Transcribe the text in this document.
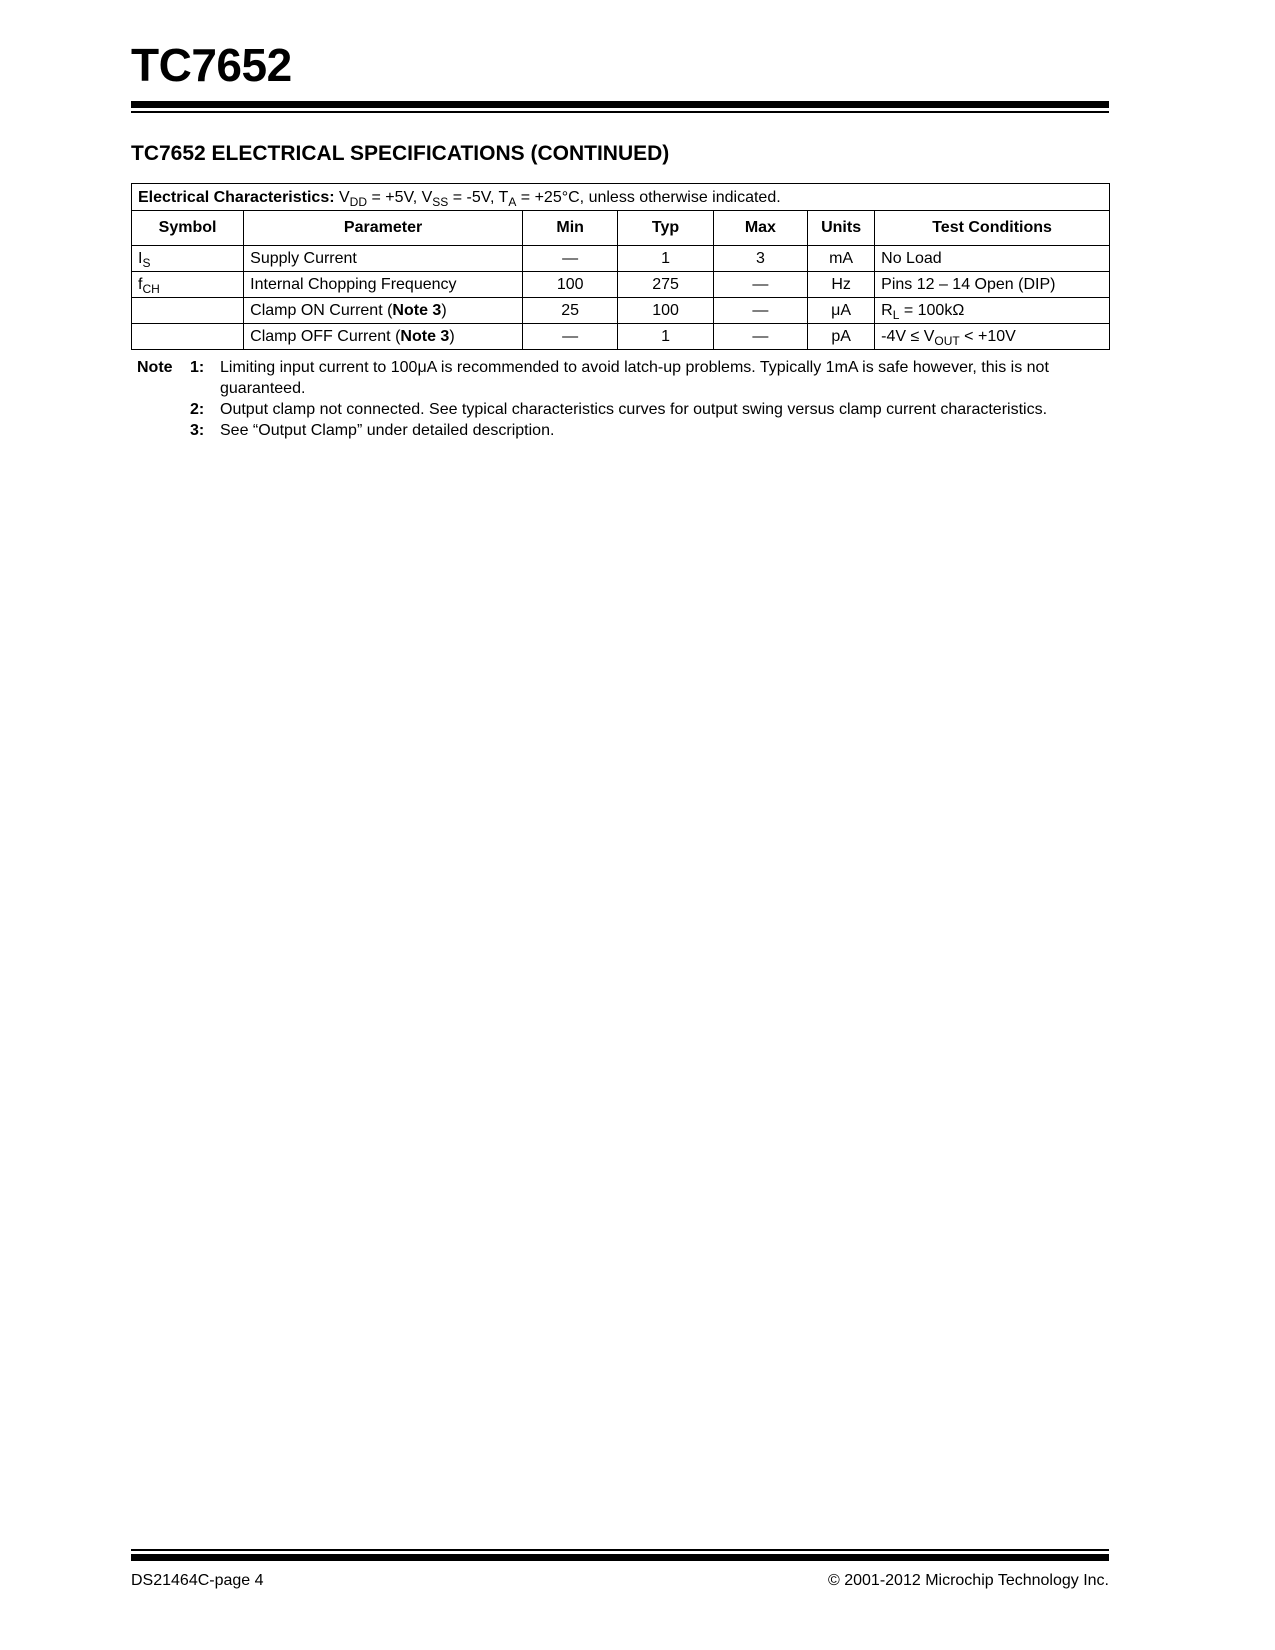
TC7652
TC7652 ELECTRICAL SPECIFICATIONS (CONTINUED)
Electrical Characteristics: $V_{DD} = +5V$, $V_{SS} = -5V$, $T_A = +25^\circ C$, unless otherwise indicated.						
Symbol	Parameter	Min	Typ	Max	Units	Test Conditions
$I_S$	Supply Current	—	1	3	mA	No Load
$f_{CH}$	Internal Chopping Frequency	100	275	—	Hz	Pins 12 – 14 Open (DIP)
	Clamp ON Current (Note 3)	25	100	—	μA	$R_L = 100k\Omega$
	Clamp OFF Current (Note 3)	—	1	—	pA	$-4V \le V_{OUT} < +10V$
Note	1: Limiting input current to 100μA is recommended to avoid latch-up problems. Typically 1mA is safe however, this is not guaranteed.
2: Output clamp not connected. See typical characteristics curves for output swing versus clamp current characteristics.
3: See “Output Clamp” under detailed description.
DS21464C-page 4	© 2001-2012 Microchip Technology Inc.
